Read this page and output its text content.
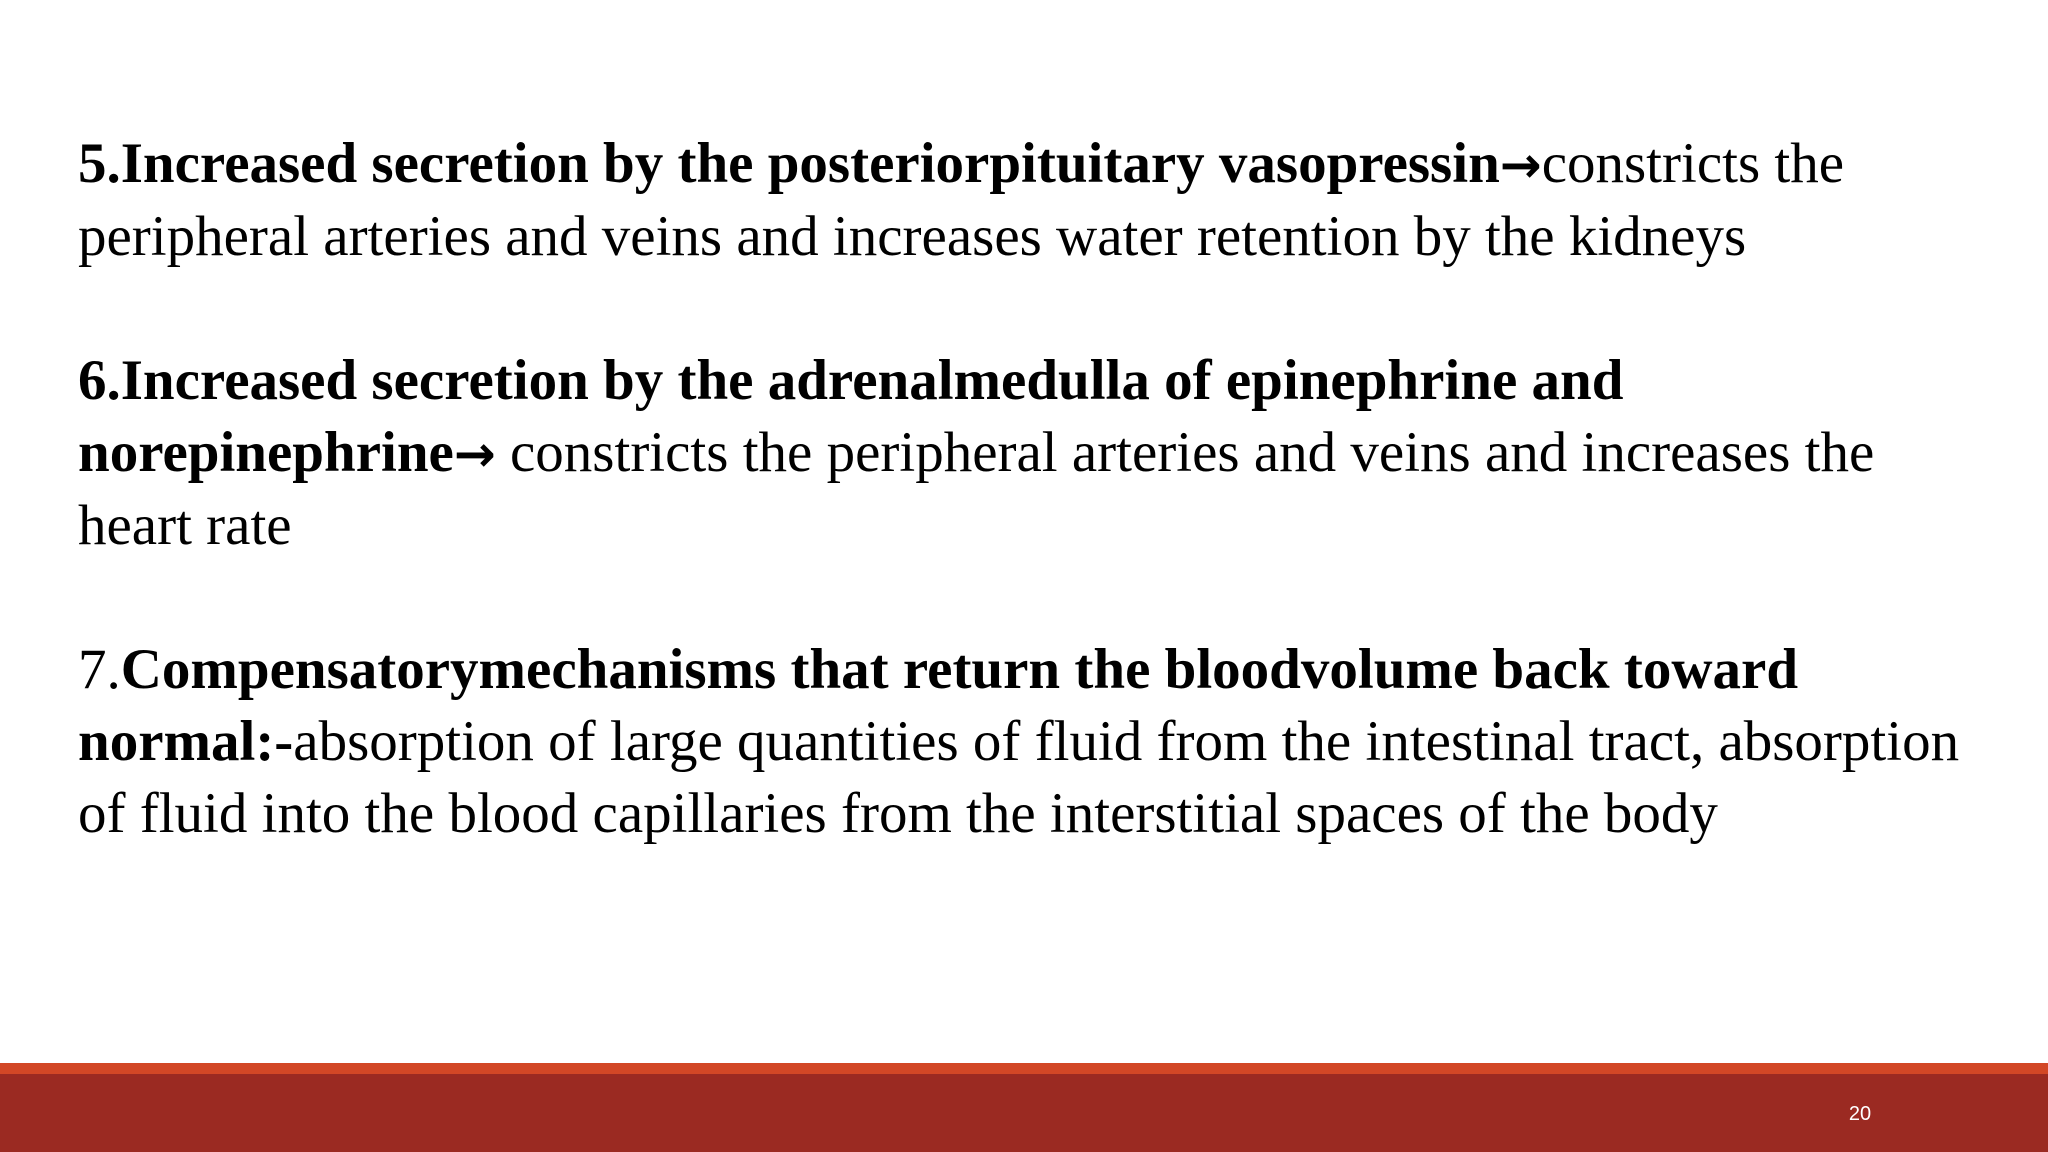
5.Increased secretion by the posteriorpituitary vasopressin→constricts the peripheral arteries and veins and increases water retention by the kidneys

6.Increased secretion by the adrenalmedulla of epinephrine and norepinephrine→ constricts the peripheral arteries and veins and increases the heart rate

7.Compensatorymechanisms that return the bloodvolume back toward normal:-absorption of large quantities of fluid from the intestinal tract, absorption of fluid into the blood capillaries from the interstitial spaces of the body

20
